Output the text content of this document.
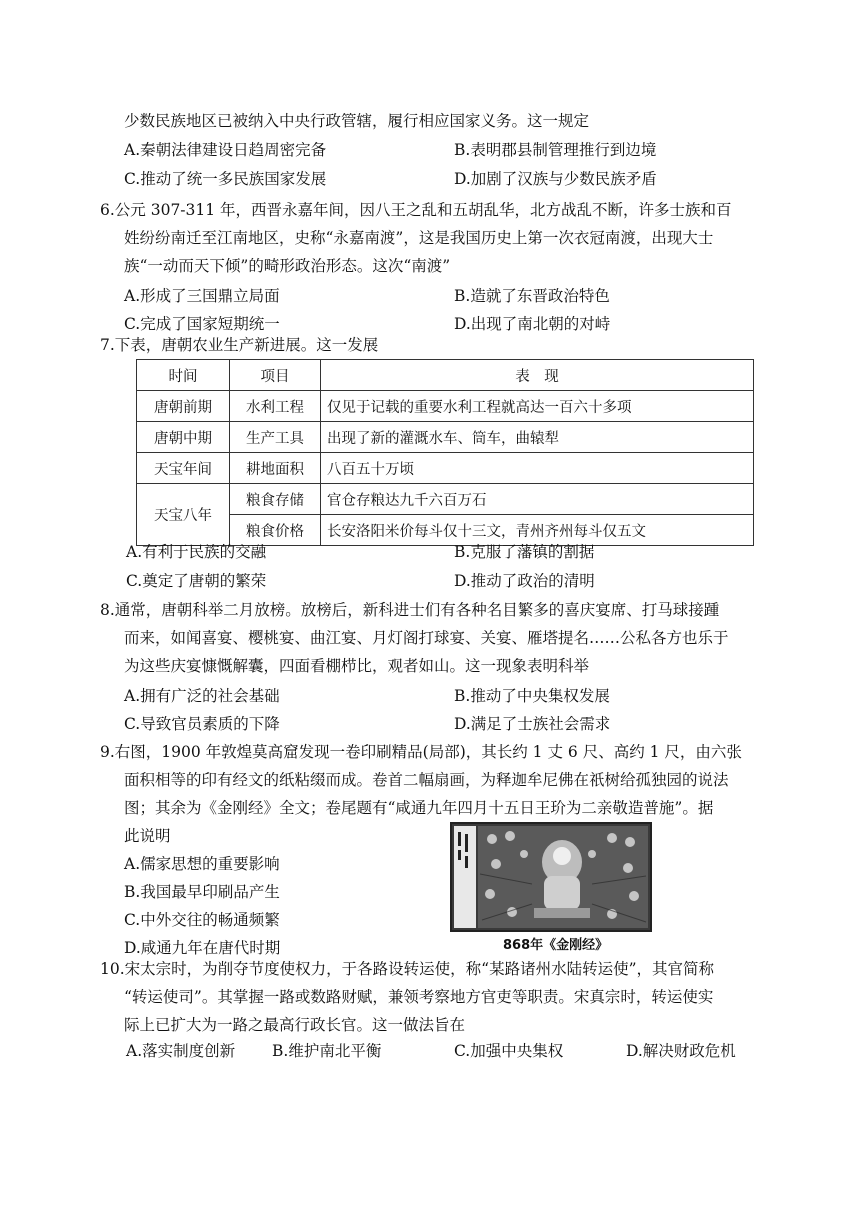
少数民族地区已被纳入中央行政管辖，履行相应国家义务。这一规定
A.秦朝法律建设日趋周密完备	B.表明郡县制管理推行到边境
C.推动了统一多民族国家发展	D.加剧了汉族与少数民族矛盾
6.公元 307-311 年，西晋永嘉年间，因八王之乱和五胡乱华，北方战乱不断，许多士族和百
姓纷纷南迁至江南地区，史称“永嘉南渡”，这是我国历史上第一次衣冠南渡，出现大士
族“一动而天下倾”的畸形政治形态。这次“南渡”
A.形成了三国鼎立局面	B.造就了东晋政治特色
C.完成了国家短期统一	D.出现了南北朝的对峙
7.下表，唐朝农业生产新进展。这一发展
时间	项目	表　现
唐朝前期	水利工程	仅见于记载的重要水利工程就高达一百六十多项
唐朝中期	生产工具	出现了新的灌溉水车、筒车，曲辕犁
天宝年间	耕地面积	八百五十万顷
天宝八年	粮食存储	官仓存粮达九千六百万石
	粮食价格	长安洛阳米价每斗仅十三文，青州齐州每斗仅五文
A.有利于民族的交融	B.克服了藩镇的割据
C.奠定了唐朝的繁荣	D.推动了政治的清明
8.通常，唐朝科举二月放榜。放榜后，新科进士们有各种名目繁多的喜庆宴席、打马球接踵
而来，如闻喜宴、樱桃宴、曲江宴、月灯阁打球宴、关宴、雁塔提名……公私各方也乐于
为这些庆宴慷慨解囊，四面看棚栉比，观者如山。这一现象表明科举
A.拥有广泛的社会基础	B.推动了中央集权发展
C.导致官员素质的下降	D.满足了士族社会需求
9.右图，1900 年敦煌莫高窟发现一卷印刷精品(局部)，其长约 1 丈 6 尺、高约 1 尺，由六张
面积相等的印有经文的纸粘缀而成。卷首二幅扇画，为释迦牟尼佛在祇树给孤独园的说法
图；其余为《金刚经》全文；卷尾题有“咸通九年四月十五日王玠为二亲敬造普施”。据
此说明
A.儒家思想的重要影响
B.我国最早印刷品产生
C.中外交往的畅通频繁
D.咸通九年在唐代时期	868年《金刚经》
10.宋太宗时，为削夺节度使权力，于各路设转运使，称“某路诸州水陆转运使”，其官简称
“转运使司”。其掌握一路或数路财赋，兼领考察地方官吏等职责。宋真宗时，转运使实
际上已扩大为一路之最高行政长官。这一做法旨在
A.落实制度创新 B.维护南北平衡	C.加强中央集权	D.解决财政危机
